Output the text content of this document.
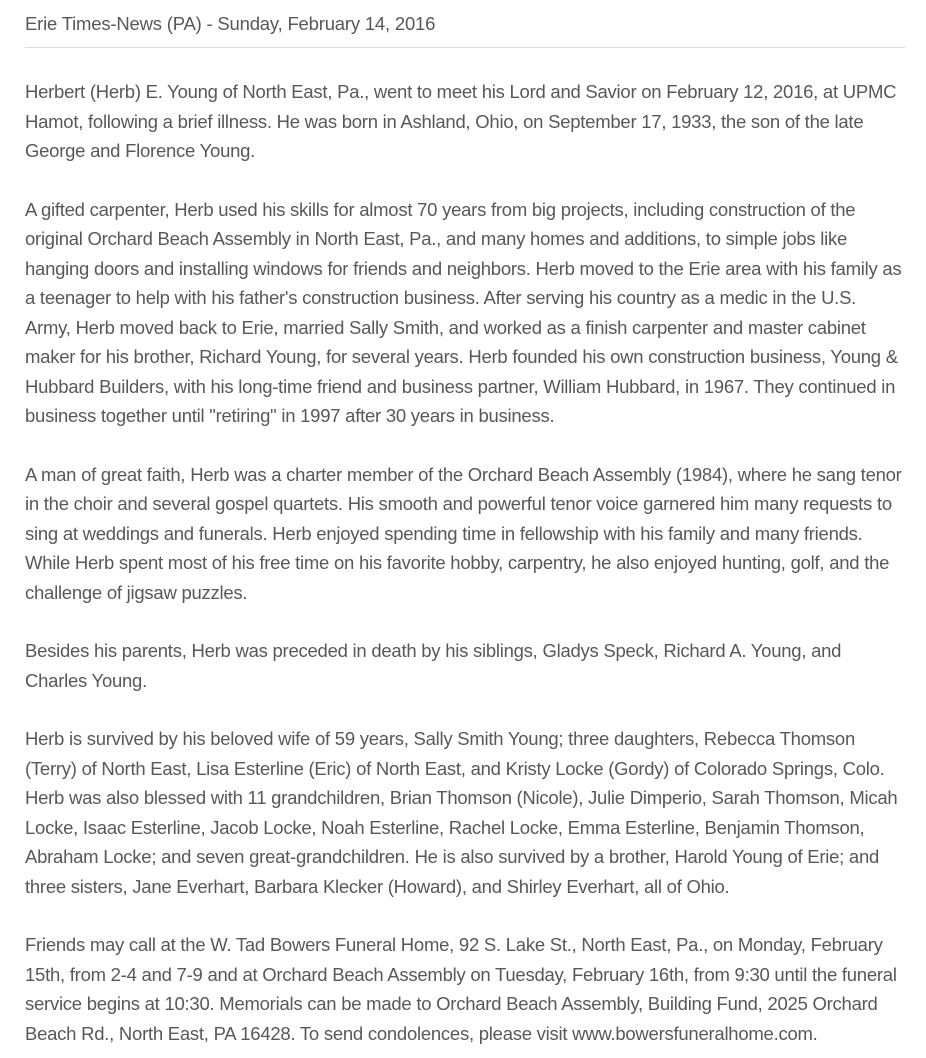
Erie Times-News (PA) - Sunday, February 14, 2016

Herbert (Herb) E. Young of North East, Pa., went to meet his Lord and Savior on February 12, 2016, at UPMC Hamot, following a brief illness. He was born in Ashland, Ohio, on September 17, 1933, the son of the late George and Florence Young.

A gifted carpenter, Herb used his skills for almost 70 years from big projects, including construction of the original Orchard Beach Assembly in North East, Pa., and many homes and additions, to simple jobs like hanging doors and installing windows for friends and neighbors. Herb moved to the Erie area with his family as a teenager to help with his father's construction business. After serving his country as a medic in the U.S. Army, Herb moved back to Erie, married Sally Smith, and worked as a finish carpenter and master cabinet maker for his brother, Richard Young, for several years. Herb founded his own construction business, Young & Hubbard Builders, with his long-time friend and business partner, William Hubbard, in 1967. They continued in business together until "retiring" in 1997 after 30 years in business.

A man of great faith, Herb was a charter member of the Orchard Beach Assembly (1984), where he sang tenor in the choir and several gospel quartets. His smooth and powerful tenor voice garnered him many requests to sing at weddings and funerals. Herb enjoyed spending time in fellowship with his family and many friends. While Herb spent most of his free time on his favorite hobby, carpentry, he also enjoyed hunting, golf, and the challenge of jigsaw puzzles.

Besides his parents, Herb was preceded in death by his siblings, Gladys Speck, Richard A. Young, and Charles Young.

Herb is survived by his beloved wife of 59 years, Sally Smith Young; three daughters, Rebecca Thomson (Terry) of North East, Lisa Esterline (Eric) of North East, and Kristy Locke (Gordy) of Colorado Springs, Colo. Herb was also blessed with 11 grandchildren, Brian Thomson (Nicole), Julie Dimperio, Sarah Thomson, Micah Locke, Isaac Esterline, Jacob Locke, Noah Esterline, Rachel Locke, Emma Esterline, Benjamin Thomson, Abraham Locke; and seven great-grandchildren. He is also survived by a brother, Harold Young of Erie; and three sisters, Jane Everhart, Barbara Klecker (Howard), and Shirley Everhart, all of Ohio.

Friends may call at the W. Tad Bowers Funeral Home, 92 S. Lake St., North East, Pa., on Monday, February 15th, from 2-4 and 7-9 and at Orchard Beach Assembly on Tuesday, February 16th, from 9:30 until the funeral service begins at 10:30. Memorials can be made to Orchard Beach Assembly, Building Fund, 2025 Orchard Beach Rd., North East, PA 16428. To send condolences, please visit www.bowersfuneralhome.com.
